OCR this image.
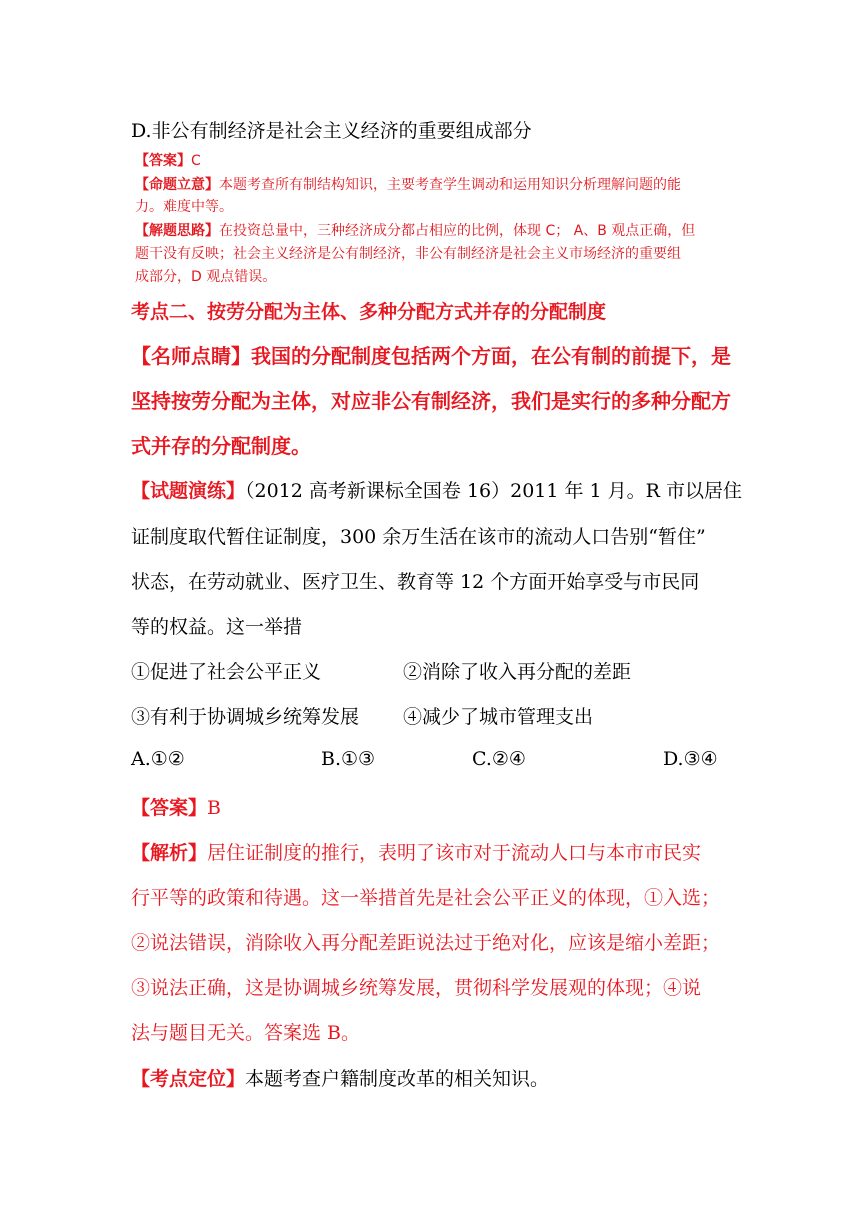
D.非公有制经济是社会主义经济的重要组成部分
【答案】C
【命题立意】本题考查所有制结构知识，主要考查学生调动和运用知识分析理解问题的能
力。难度中等。
【解题思路】在投资总量中，三种经济成分都占相应的比例，体现 C； A、B 观点正确，但
题干没有反映；社会主义经济是公有制经济，非公有制经济是社会主义市场经济的重要组
成部分，D 观点错误。
考点二、按劳分配为主体、多种分配方式并存的分配制度
【名师点睛】我国的分配制度包括两个方面，在公有制的前提下，是
坚持按劳分配为主体，对应非公有制经济，我们是实行的多种分配方
式并存的分配制度。
【试题演练】（2012 高考新课标全国卷 16）2011 年 1 月。R 市以居住
证制度取代暂住证制度，300 余万生活在该市的流动人口告别“暂住”
状态，在劳动就业、医疗卫生、教育等 12 个方面开始享受与市民同
等的权益。这一举措
①促进了社会公平正义	②消除了收入再分配的差距
③有利于协调城乡统筹发展 ④减少了城市管理支出
A.①②	B.①③	C.②④	D.③④
【答案】B
【解析】居住证制度的推行，表明了该市对于流动人口与本市市民实
行平等的政策和待遇。这一举措首先是社会公平正义的体现，①入选；
②说法错误，消除收入再分配差距说法过于绝对化，应该是缩小差距；
③说法正确，这是协调城乡统筹发展，贯彻科学发展观的体现；④说
法与题目无关。答案选 B。
【考点定位】本题考查户籍制度改革的相关知识。
